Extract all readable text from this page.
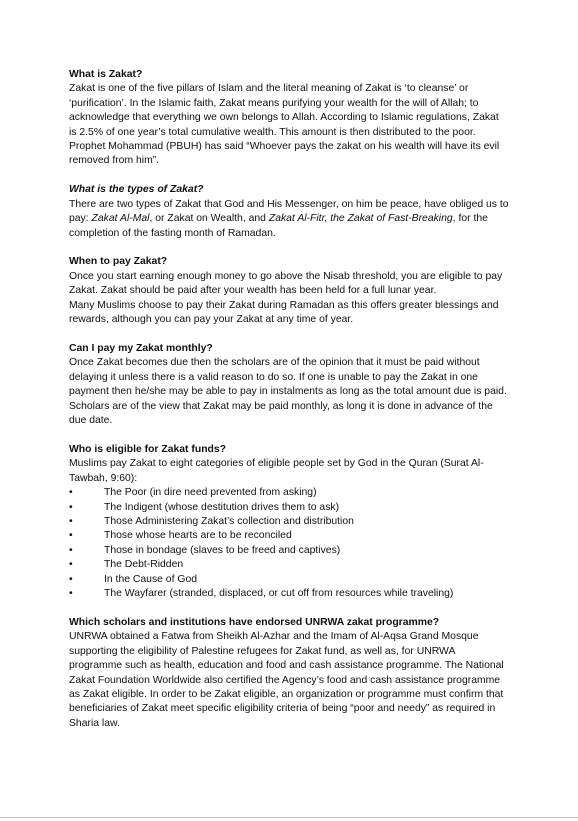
What is Zakat?

Zakat is one of the five pillars of Islam and the literal meaning of Zakat is ‘to cleanse’ or ‘purification’. In the Islamic faith, Zakat means purifying your wealth for the will of Allah; to acknowledge that everything we own belongs to Allah. According to Islamic regulations, Zakat is 2.5% of one year’s total cumulative wealth. This amount is then distributed to the poor. Prophet Mohammad (PBUH) has said “Whoever pays the zakat on his wealth will have its evil removed from him”.

What is the types of Zakat?

There are two types of Zakat that God and His Messenger, on him be peace, have obliged us to pay: Zakat Al-Mal, or Zakat on Wealth, and Zakat Al-Fitr, the Zakat of Fast-Breaking, for the completion of the fasting month of Ramadan.

When to pay Zakat?

Once you start earning enough money to go above the Nisab threshold, you are eligible to pay Zakat. Zakat should be paid after your wealth has been held for a full lunar year.

Many Muslims choose to pay their Zakat during Ramadan as this offers greater blessings and rewards, although you can pay your Zakat at any time of year.

Can I pay my Zakat monthly?

Once Zakat becomes due then the scholars are of the opinion that it must be paid without delaying it unless there is a valid reason to do so. If one is unable to pay the Zakat in one payment then he/she may be able to pay in instalments as long as the total amount due is paid. Scholars are of the view that Zakat may be paid monthly, as long it is done in advance of the due date.

Who is eligible for Zakat funds?

Muslims pay Zakat to eight categories of eligible people set by God in the Quran (Surat Al-Tawbah, 9:60):

•	The Poor (in dire need prevented from asking)
•	The Indigent (whose destitution drives them to ask)
•	Those Administering Zakat’s collection and distribution
•	Those whose hearts are to be reconciled
•	Those in bondage (slaves to be freed and captives)
•	The Debt-Ridden
•	In the Cause of God
•	The Wayfarer (stranded, displaced, or cut off from resources while traveling)
Which scholars and institutions have endorsed UNRWA zakat programme?

UNRWA obtained a Fatwa from Sheikh Al-Azhar and the Imam of Al-Aqsa Grand Mosque supporting the eligibility of Palestine refugees for Zakat fund, as well as, for UNRWA programme such as health, education and food and cash assistance programme. The National Zakat Foundation Worldwide also certified the Agency’s food and cash assistance programme as Zakat eligible. In order to be Zakat eligible, an organization or programme must confirm that beneficiaries of Zakat meet specific eligibility criteria of being “poor and needy” as required in Sharia law.
